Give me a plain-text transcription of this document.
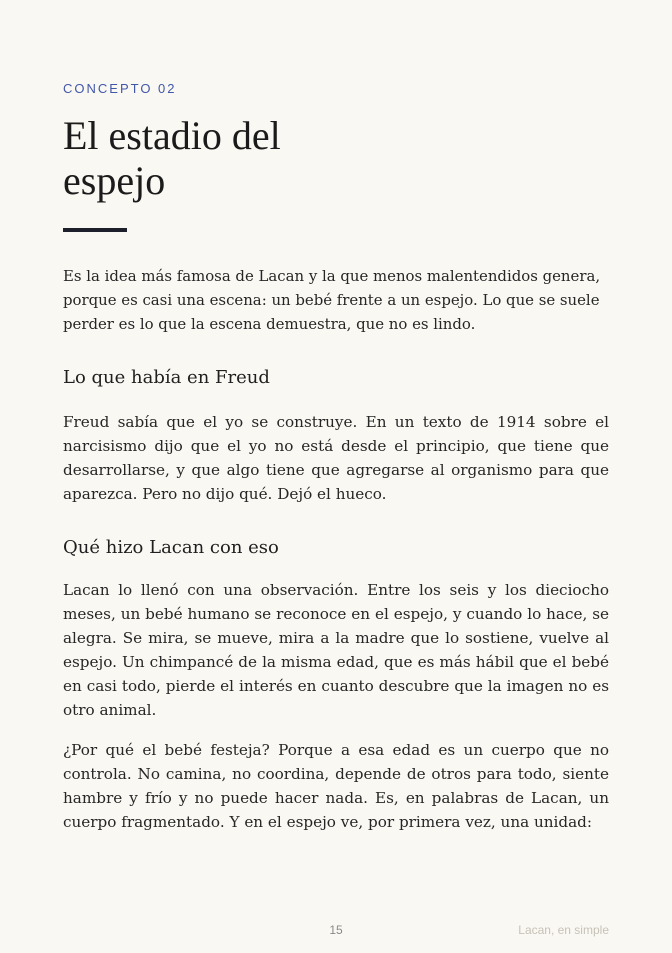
CONCEPTO 02
El estadio del
espejo

Es la idea más famosa de Lacan y la que menos malentendidos genera, porque es casi una escena: un bebé frente a un espejo. Lo que se suele perder es lo que la escena demuestra, que no es lindo.

Lo que había en Freud

Freud sabía que el yo se construye. En un texto de 1914 sobre el narcisismo dijo que el yo no está desde el principio, que tiene que desarrollarse, y que algo tiene que agregarse al organismo para que aparezca. Pero no dijo qué. Dejó el hueco.

Qué hizo Lacan con eso

Lacan lo llenó con una observación. Entre los seis y los dieciocho meses, un bebé humano se reconoce en el espejo, y cuando lo hace, se alegra. Se mira, se mueve, mira a la madre que lo sostiene, vuelve al espejo. Un chimpancé de la misma edad, que es más hábil que el bebé en casi todo, pierde el interés en cuanto descubre que la imagen no es otro animal.

¿Por qué el bebé festeja? Porque a esa edad es un cuerpo que no controla. No camina, no coordina, depende de otros para todo, siente hambre y frío y no puede hacer nada. Es, en palabras de Lacan, un cuerpo fragmentado. Y en el espejo ve, por primera vez, una unidad:

15	Lacan, en simple
